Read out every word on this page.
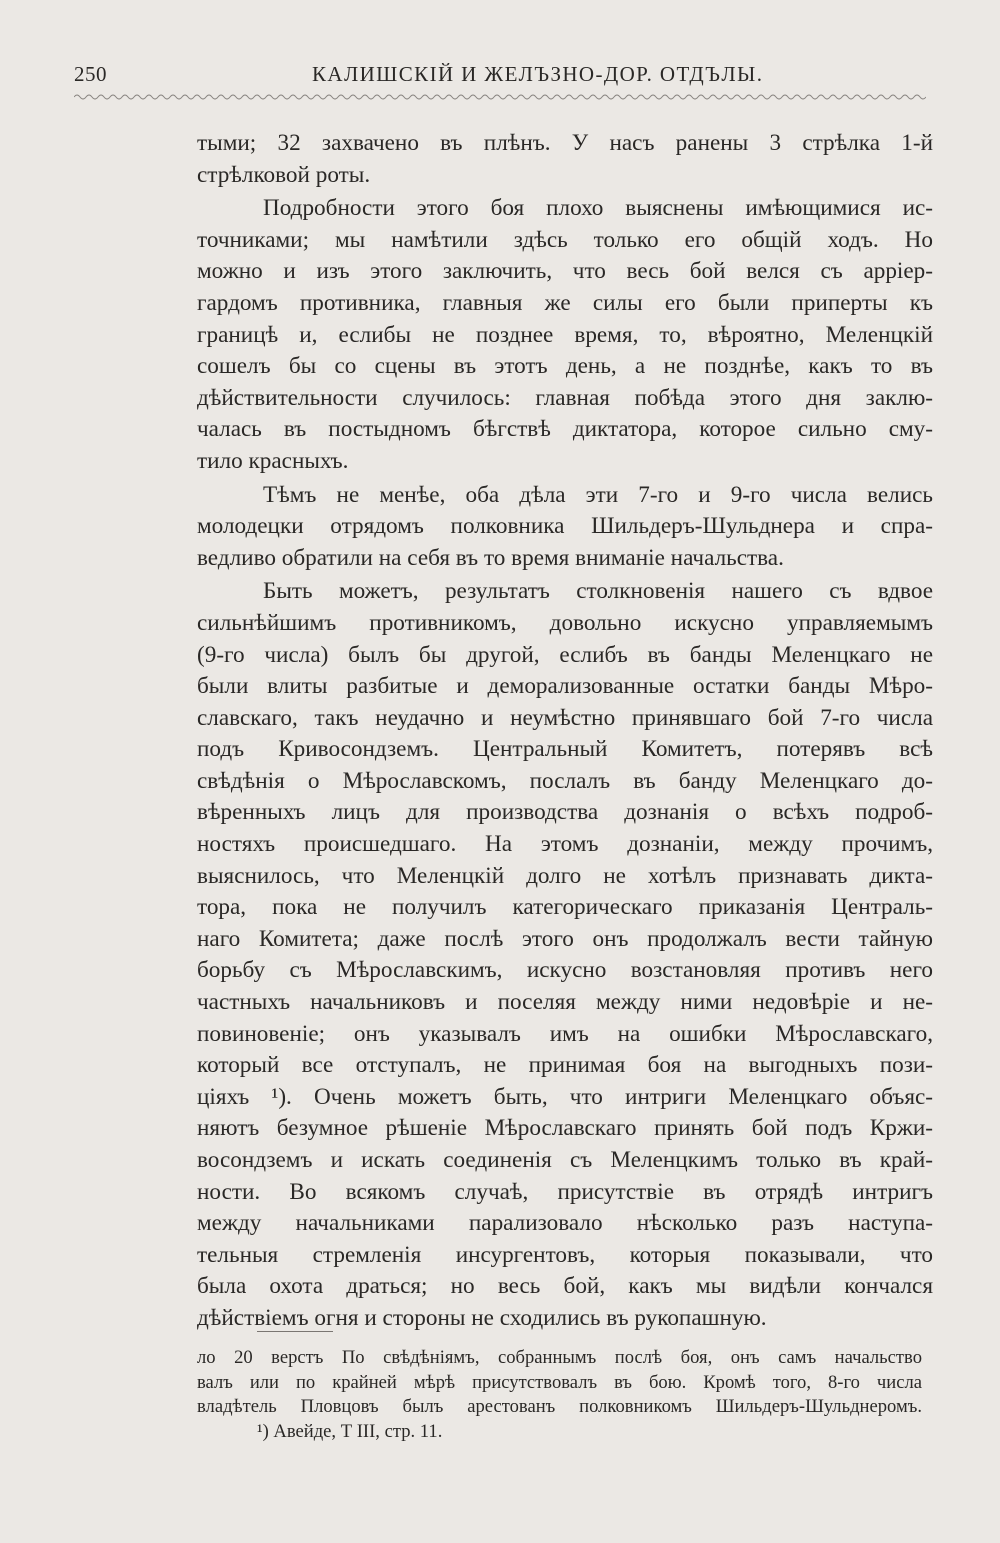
250	КАЛИШСКІЙ И ЖЕЛЪЗНО-ДОР. ОТДЪЛЫ.
тыми; 32 захвачено въ плѣнъ. У насъ ранены 3 стрѣлка 1-й
стрѣлковой роты.
Подробности этого боя плохо выяснены имѣющимися ис-
точниками; мы намѣтили здѣсь только его общій ходъ. Но
можно и изъ этого заключить, что весь бой велся съ арріер-
гардомъ противника, главныя же силы его были приперты къ
границѣ и, еслибы не позднее время, то, вѣроятно, Меленцкій
сошелъ бы со сцены въ этотъ день, а не позднѣе, какъ то въ
дѣйствительности случилось: главная побѣда этого дня заклю-
чалась въ постыдномъ бѣгствѣ диктатора, которое сильно сму-
тило красныхъ.
Тѣмъ не менѣе, оба дѣла эти 7-го и 9-го числа велись
молодецки отрядомъ полковника Шильдеръ-Шульднера и спра-
ведливо обратили на себя въ то время вниманіе начальства.
Быть можетъ, результатъ столкновенія нашего съ вдвое
сильнѣйшимъ противникомъ, довольно искусно управляемымъ
(9-го числа) былъ бы другой, еслибъ въ банды Меленцкаго не
были влиты разбитые и деморализованные остатки банды Мѣро-
славскаго, такъ неудачно и неумѣстно принявшаго бой 7-го числа
подъ Кривосондземъ. Центральный Комитетъ, потерявъ всѣ
свѣдѣнія о Мѣрославскомъ, послалъ въ банду Меленцкаго до-
вѣренныхъ лицъ для производства дознанія о всѣхъ подроб-
ностяхъ происшедшаго. На этомъ дознаніи, между прочимъ,
выяснилось, что Меленцкій долго не хотѣлъ признавать дикта-
тора, пока не получилъ категорическаго приказанія Централь-
наго Комитета; даже послѣ этого онъ продолжалъ вести тайную
борьбу съ Мѣрославскимъ, искусно возстановляя противъ него
частныхъ начальниковъ и поселяя между ними недовѣріе и не-
повиновеніе; онъ указывалъ имъ на ошибки Мѣрославскаго,
который все отступалъ, не принимая боя на выгодныхъ пози-
ціяхъ ¹). Очень можетъ быть, что интриги Меленцкаго объяс-
няютъ безумное рѣшеніе Мѣрославскаго принять бой подъ Кржи-
восондземъ и искать соединенія съ Меленцкимъ только въ край-
ности. Во всякомъ случаѣ, присутствіе въ отрядѣ интригъ
между начальниками парализовало нѣсколько разъ наступа-
тельныя стремленія инсургентовъ, которыя показывали, что
была охота драться; но весь бой, какъ мы видѣли кончался
дѣйствіемъ огня и стороны не сходились въ рукопашную.
ло 20 верстъ По свѣдѣніямъ, собраннымъ послѣ боя, онъ самъ начальство
валъ или по крайней мѣрѣ присутствовалъ въ бою. Кромѣ того, 8-го числа
владѣтель Пловцовъ былъ арестованъ полковникомъ Шильдеръ-Шульднеромъ.
¹) Авейде, Т III, стр. 11.
